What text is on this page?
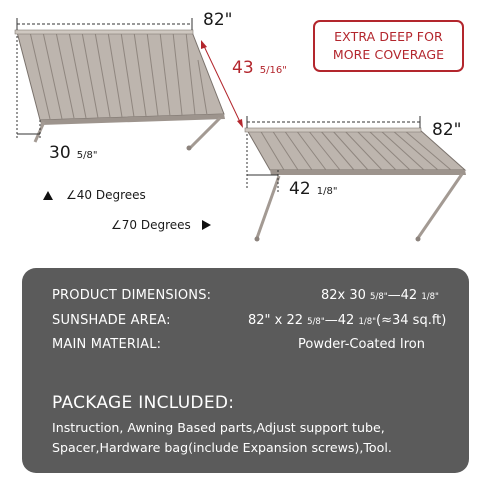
82"
43 5/16"
30 5/8"
82"
42 1/8"
EXTRA DEEP FOR
MORE COVERAGE
∠40 Degrees
∠70 Degrees
PRODUCT DIMENSIONS:	82x 30 5/8"—42 1/8"
SUNSHADE AREA:	82" x 22 5/8"—42 1/8"(≈34 sq.ft)
MAIN MATERIAL:	Powder-Coated Iron
PACKAGE INCLUDED:
Instruction, Awning Based parts,Adjust support tube,
Spacer,Hardware bag(include Expansion screws),Tool.
